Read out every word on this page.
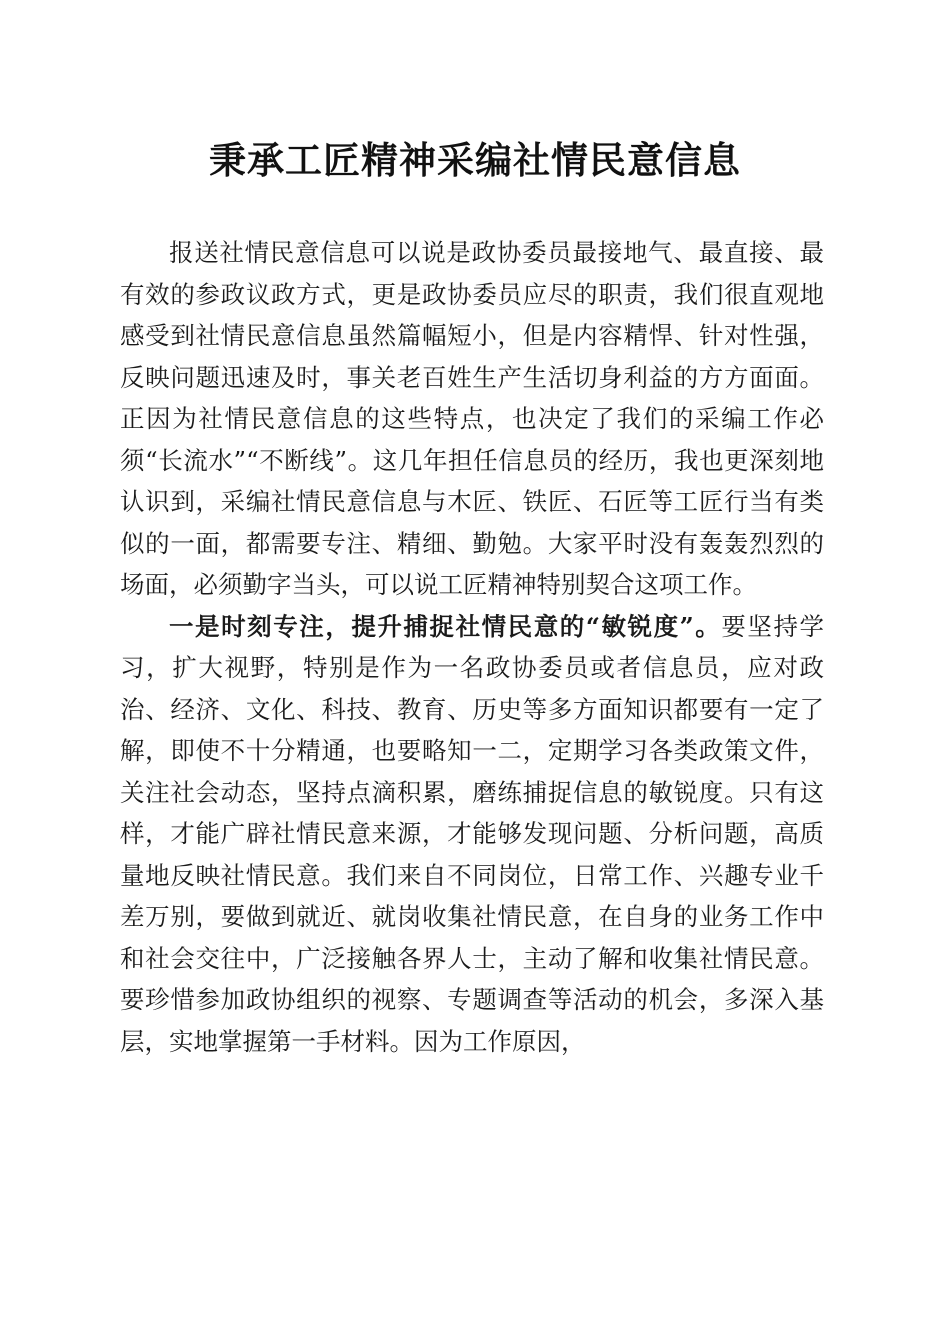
秉承工匠精神采编社情民意信息

报送社情民意信息可以说是政协委员最接地气、最直接、最有效的参政议政方式，更是政协委员应尽的职责，我们很直观地感受到社情民意信息虽然篇幅短小，但是内容精悍、针对性强，反映问题迅速及时，事关老百姓生产生活切身利益的方方面面。正因为社情民意信息的这些特点，也决定了我们的采编工作必须“长流水”“不断线”。这几年担任信息员的经历，我也更深刻地认识到，采编社情民意信息与木匠、铁匠、石匠等工匠行当有类似的一面，都需要专注、精细、勤勉。大家平时没有轰轰烈烈的场面，必须勤字当头，可以说工匠精神特别契合这项工作。

一是时刻专注，提升捕捉社情民意的“敏锐度”。要坚持学习，扩大视野，特别是作为一名政协委员或者信息员，应对政治、经济、文化、科技、教育、历史等多方面知识都要有一定了解，即使不十分精通，也要略知一二，定期学习各类政策文件，关注社会动态，坚持点滴积累，磨练捕捉信息的敏锐度。只有这样，才能广辟社情民意来源，才能够发现问题、分析问题，高质量地反映社情民意。我们来自不同岗位，日常工作、兴趣专业千差万别，要做到就近、就岗收集社情民意，在自身的业务工作中和社会交往中，广泛接触各界人士，主动了解和收集社情民意。要珍惜参加政协组织的视察、专题调查等活动的机会，多深入基层，实地掌握第一手材料。因为工作原因，
